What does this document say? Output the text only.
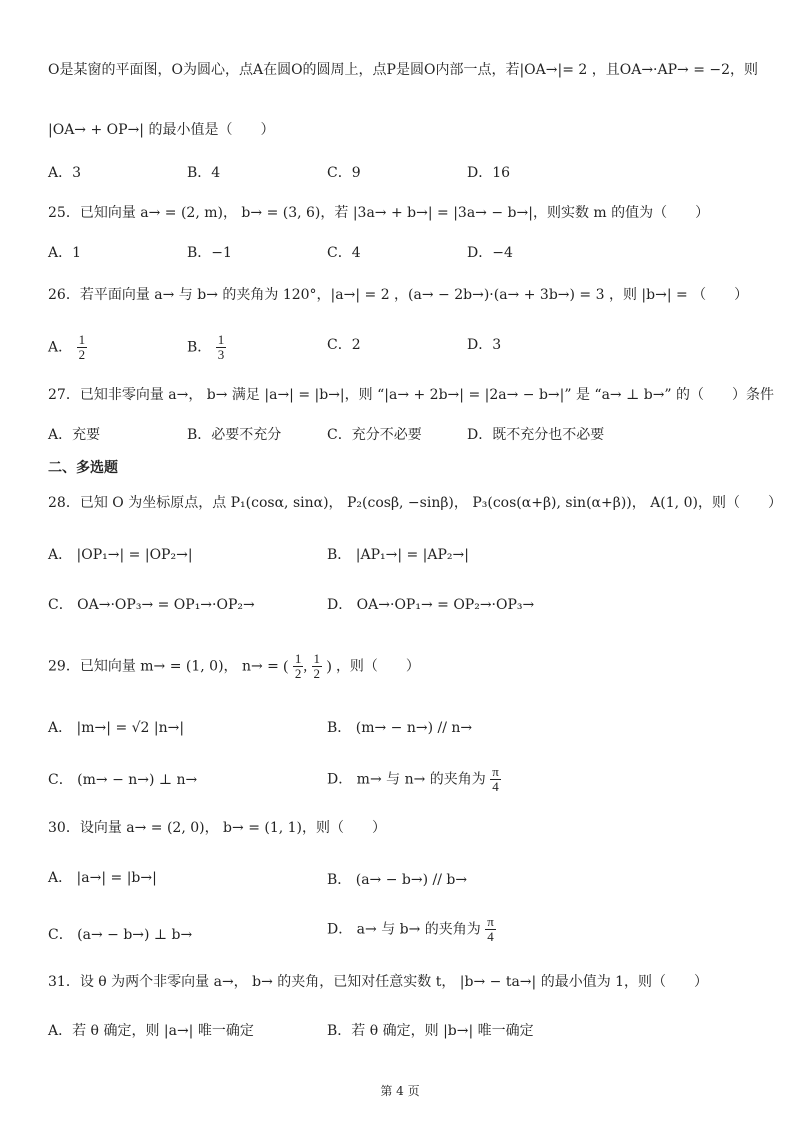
O是某窗的平面图，O为圆心，点A在圆O的圆周上，点P是圆O内部一点，若|OA→|= 2 ，且OA→·AP→ = −2，则
|OA→ + OP→| 的最小值是（　　）
A．3	B．4	C．9	D．16
25．已知向量 a→ = (2, m)， b→ = (3, 6)，若 |3a→ + b→| = |3a→ − b→|，则实数 m 的值为（　　）
A．1	B．−1	C．4	D．−4
26．若平面向量 a→ 与 b→ 的夹角为 120°，|a→| = 2 ，(a→ − 2b→)·(a→ + 3b→) = 3 ，则 |b→| = （　　）
A． $\frac{1}{2}$	B． $\frac{1}{3}$	C．2	D．3
27．已知非零向量 a→， b→ 满足 |a→| = |b→|，则 “|a→ + 2b→| = |2a→ − b→|” 是 “a→ ⊥ b→” 的（　　）条件
A．充要	B．必要不充分	C．充分不必要	D．既不充分也不必要
二、多选题
28．已知 O 为坐标原点，点 P₁(cosα, sinα)， P₂(cosβ, −sinβ)， P₃(cos(α+β), sin(α+β))， A(1, 0)，则（　　）
A． |OP₁→| = |OP₂→|	B． |AP₁→| = |AP₂→|
C． OA→·OP₃→ = OP₁→·OP₂→	D． OA→·OP₁→ = OP₂→·OP₃→
29．已知向量 m→ = (1, 0)， n→ = ( $\frac{1}{2}$ , $\frac{1}{2}$ ) ，则（　　）
A． |m→| = √2 |n→|	B． (m→ − n→) // n→
C． (m→ − n→) ⊥ n→	D． m→ 与 n→ 的夹角为 $\frac{\pi}{4}$
30．设向量 a→ = (2, 0)， b→ = (1, 1)，则（　　）
A． |a→| = |b→|	B． (a→ − b→) // b→
C． (a→ − b→) ⊥ b→	D． a→ 与 b→ 的夹角为 $\frac{\pi}{4}$
31．设 θ 为两个非零向量 a→， b→ 的夹角，已知对任意实数 t， |b→ − ta→| 的最小值为 1，则（　　）
A．若 θ 确定，则 |a→| 唯一确定	B．若 θ 确定，则 |b→| 唯一确定
第 4 页
